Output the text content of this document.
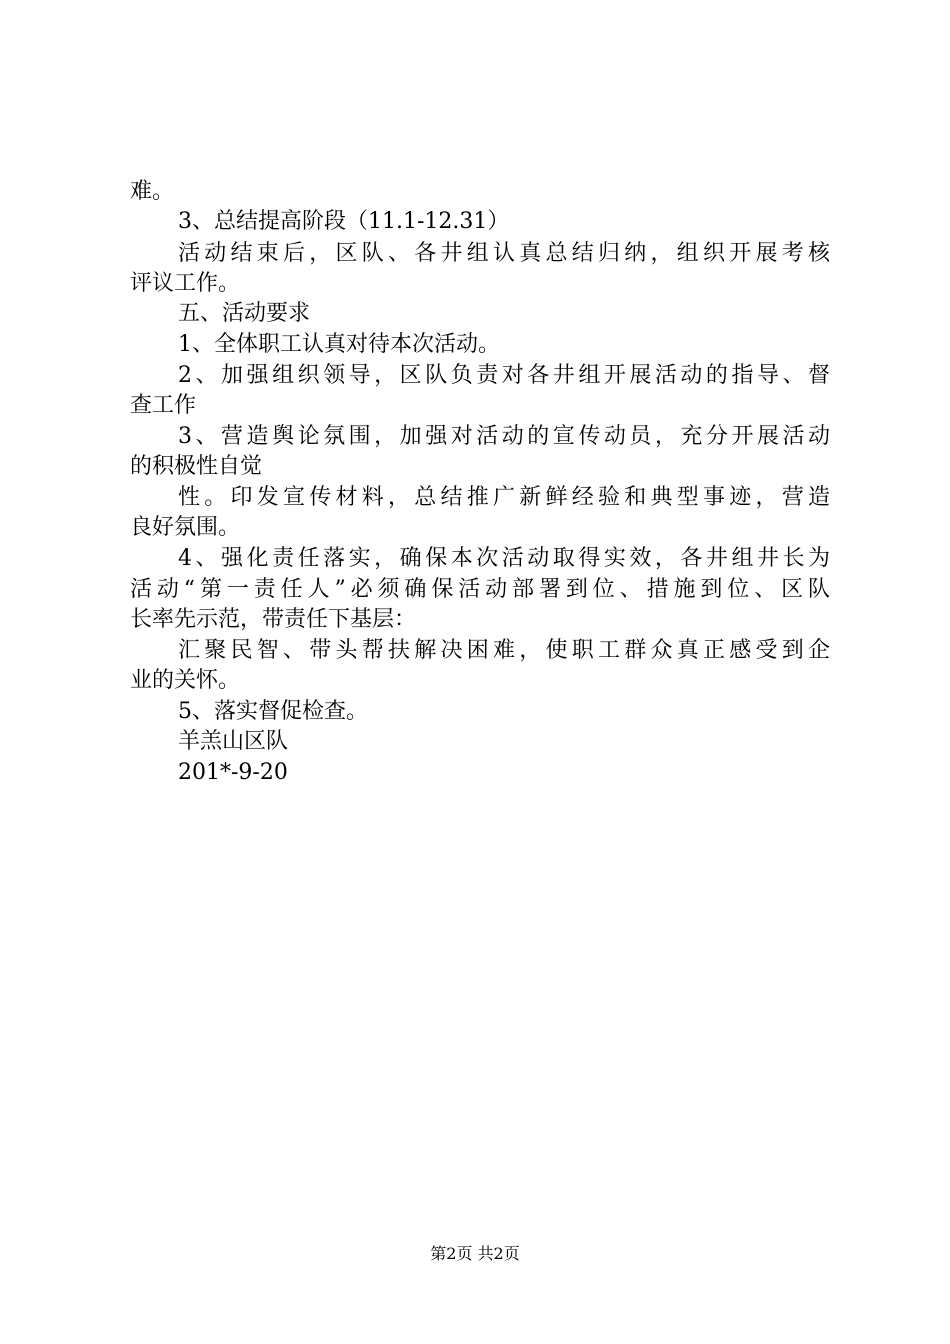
难。
3、总结提高阶段（11.1-12.31）
活动结束后，区队、各井组认真总结归纳，组织开展考核
评议工作。
五、活动要求
1、全体职工认真对待本次活动。
2、加强组织领导，区队负责对各井组开展活动的指导、督
查工作
3、营造舆论氛围，加强对活动的宣传动员，充分开展活动
的积极性自觉
性。印发宣传材料，总结推广新鲜经验和典型事迹，营造
良好氛围。
4、强化责任落实，确保本次活动取得实效，各井组井长为
活动“第一责任人”必须确保活动部署到位、措施到位、区队
长率先示范，带责任下基层：
汇聚民智、带头帮扶解决困难，使职工群众真正感受到企
业的关怀。
5、落实督促检查。
羊羔山区队
201*-9-20
第2页 共2页
